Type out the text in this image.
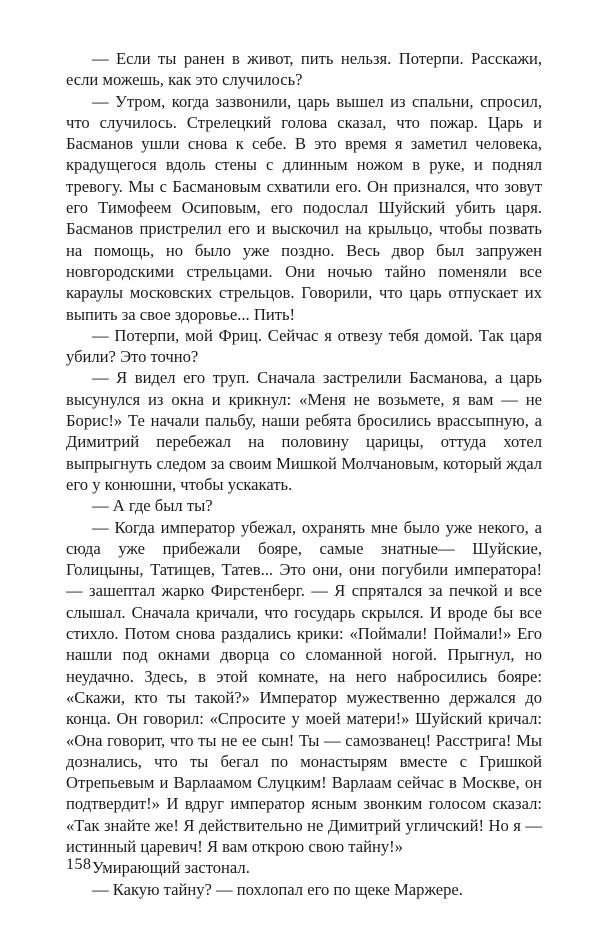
— Если ты ранен в живот, пить нельзя. Потерпи. Расскажи, если можешь, как это случилось?

— Утром, когда зазвонили, царь вышел из спальни, спросил, что случилось. Стрелецкий голова сказал, что пожар. Царь и Басманов ушли снова к себе. В это время я заметил человека, крадущегося вдоль стены с длинным ножом в руке, и поднял тревогу. Мы с Басмановым схватили его. Он признался, что зовут его Тимофеем Осиповым, его подослал Шуйский убить царя. Басманов пристрелил его и выскочил на крыльцо, чтобы позвать на помощь, но было уже поздно. Весь двор был запружен новгородскими стрельцами. Они ночью тайно поменяли все караулы московских стрельцов. Говорили, что царь отпускает их выпить за свое здоровье... Пить!

— Потерпи, мой Фриц. Сейчас я отвезу тебя домой. Так царя убили? Это точно?

— Я видел его труп. Сначала застрелили Басманова, а царь высунулся из окна и крикнул: «Меня не возьмете, я вам — не Борис!» Те начали пальбу, наши ребята бросились врассыпную, а Димитрий перебежал на половину царицы, оттуда хотел выпрыгнуть следом за своим Мишкой Молчановым, который ждал его у конюшни, чтобы ускакать.

— А где был ты?

— Когда император убежал, охранять мне было уже некого, а сюда уже прибежали бояре, самые знатные— Шуйские, Голицыны, Татищев, Татев... Это они, они погубили императора! — зашептал жарко Фирстенберг. — Я спрятался за печкой и все слышал. Сначала кричали, что государь скрылся. И вроде бы все стихло. Потом снова раздались крики: «Поймали! Поймали!» Его нашли под окнами дворца со сломанной ногой. Прыгнул, но неудачно. Здесь, в этой комнате, на него набросились бояре: «Скажи, кто ты такой?» Император мужественно держался до конца. Он говорил: «Спросите у моей матери!» Шуйский кричал: «Она говорит, что ты не ее сын! Ты — самозванец! Расстрига! Мы дознались, что ты бегал по монастырям вместе с Гришкой Отрепьевым и Варлаамом Слуцким! Варлаам сейчас в Москве, он подтвердит!» И вдруг император ясным звонким голосом сказал: «Так знайте же! Я действительно не Димитрий угличский! Но я — истинный царевич! Я вам открою свою тайну!»

Умирающий застонал.

— Какую тайну? — похлопал его по щеке Маржере.

158
